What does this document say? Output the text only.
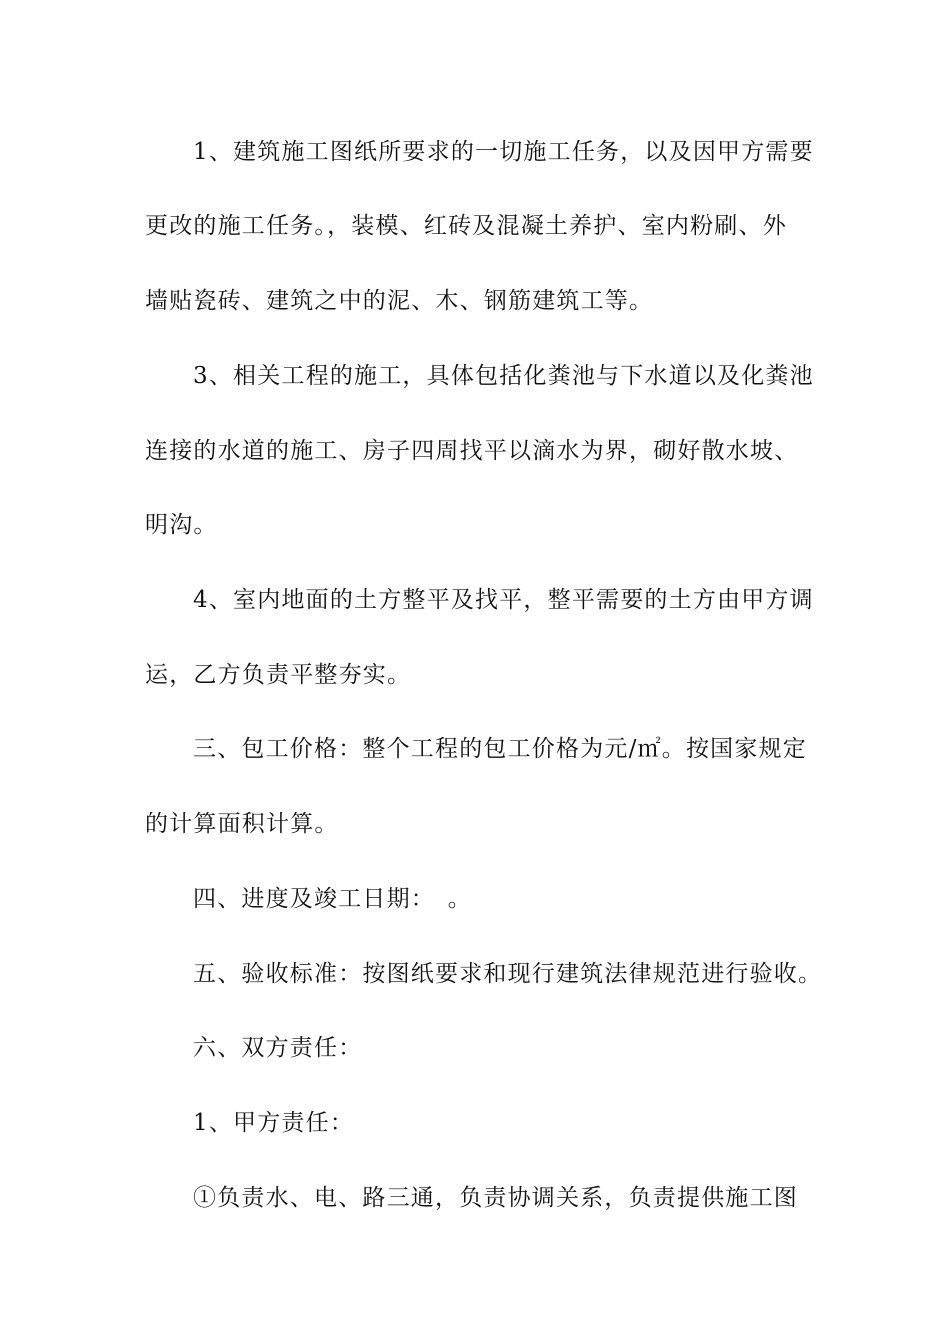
1、建筑施工图纸所要求的一切施工任务，以及因甲方需要
更改的施工任务。，装模、红砖及混凝土养护、室内粉刷、外
墙贴瓷砖、建筑之中的泥、木、钢筋建筑工等。
3、相关工程的施工，具体包括化粪池与下水道以及化粪池
连接的水道的施工、房子四周找平以滴水为界，砌好散水坡、
明沟。
4、室内地面的土方整平及找平，整平需要的土方由甲方调
运，乙方负责平整夯实。
三、包工价格：整个工程的包工价格为元/㎡。按国家规定
的计算面积计算。
四、进度及竣工日期：　。
五、验收标准：按图纸要求和现行建筑法律规范进行验收。
六、双方责任：
1、甲方责任：
①负责水、电、路三通，负责协调关系，负责提供施工图
